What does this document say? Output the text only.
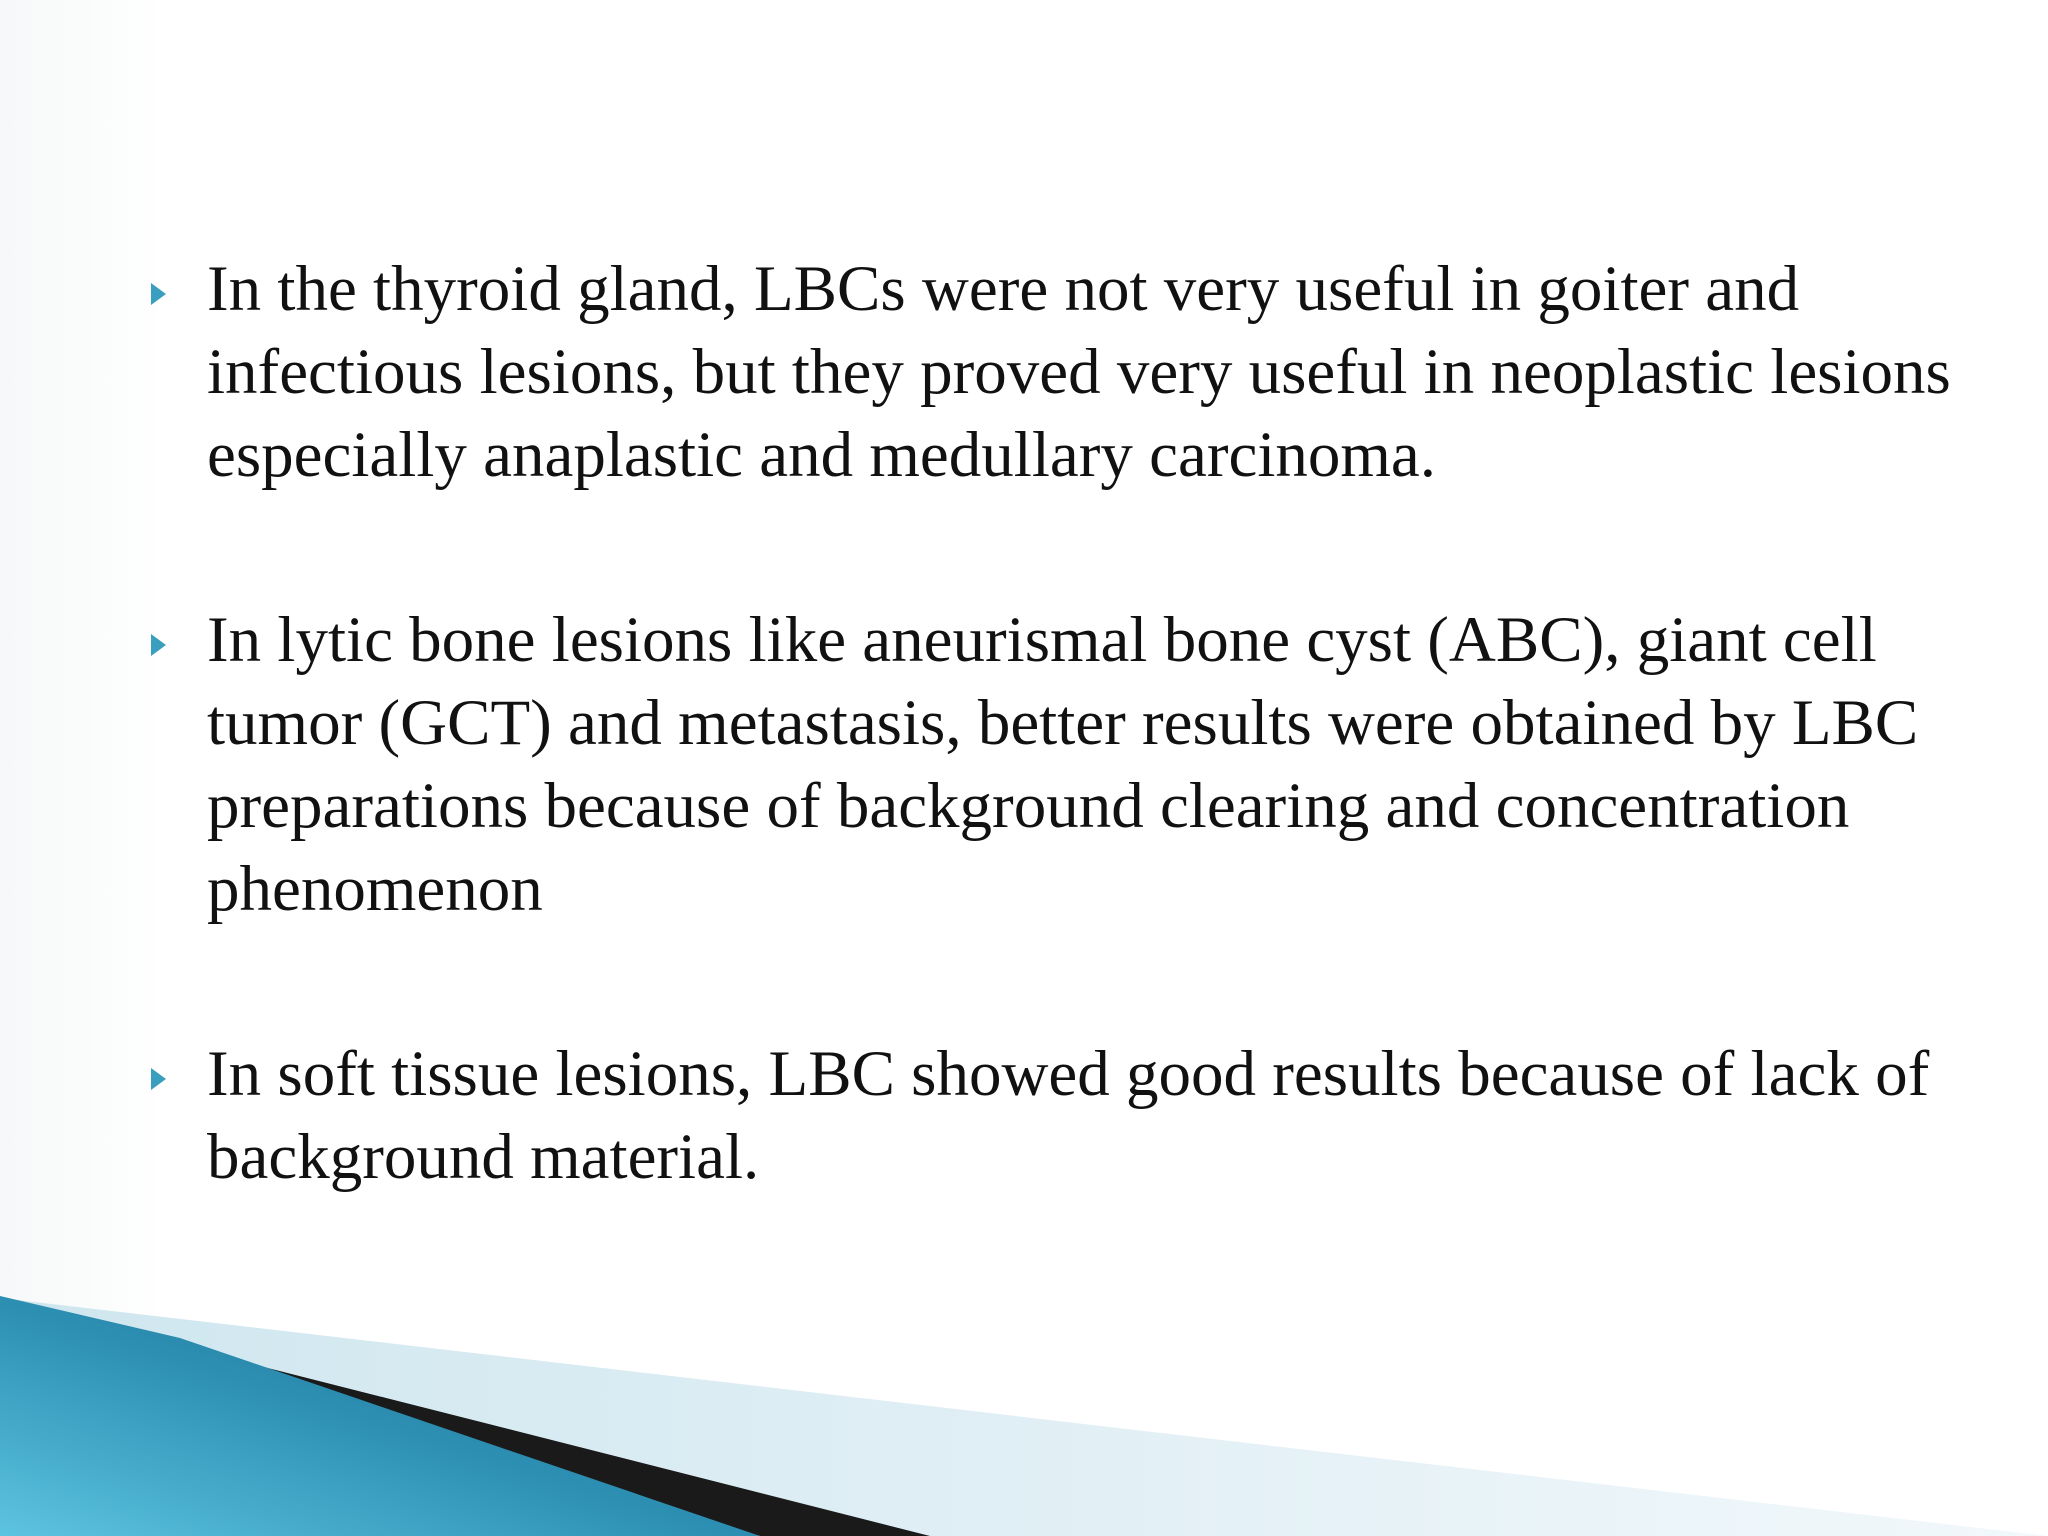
In the thyroid gland, LBCs were not very useful in goiter and infectious lesions, but they proved very useful in neoplastic lesions especially anaplastic and medullary carcinoma.
In lytic bone lesions like aneurismal bone cyst (ABC), giant cell tumor (GCT) and metastasis, better results were obtained by LBC preparations because of background clearing and concentration phenomenon
In soft tissue lesions, LBC showed good results because of lack of background material.
